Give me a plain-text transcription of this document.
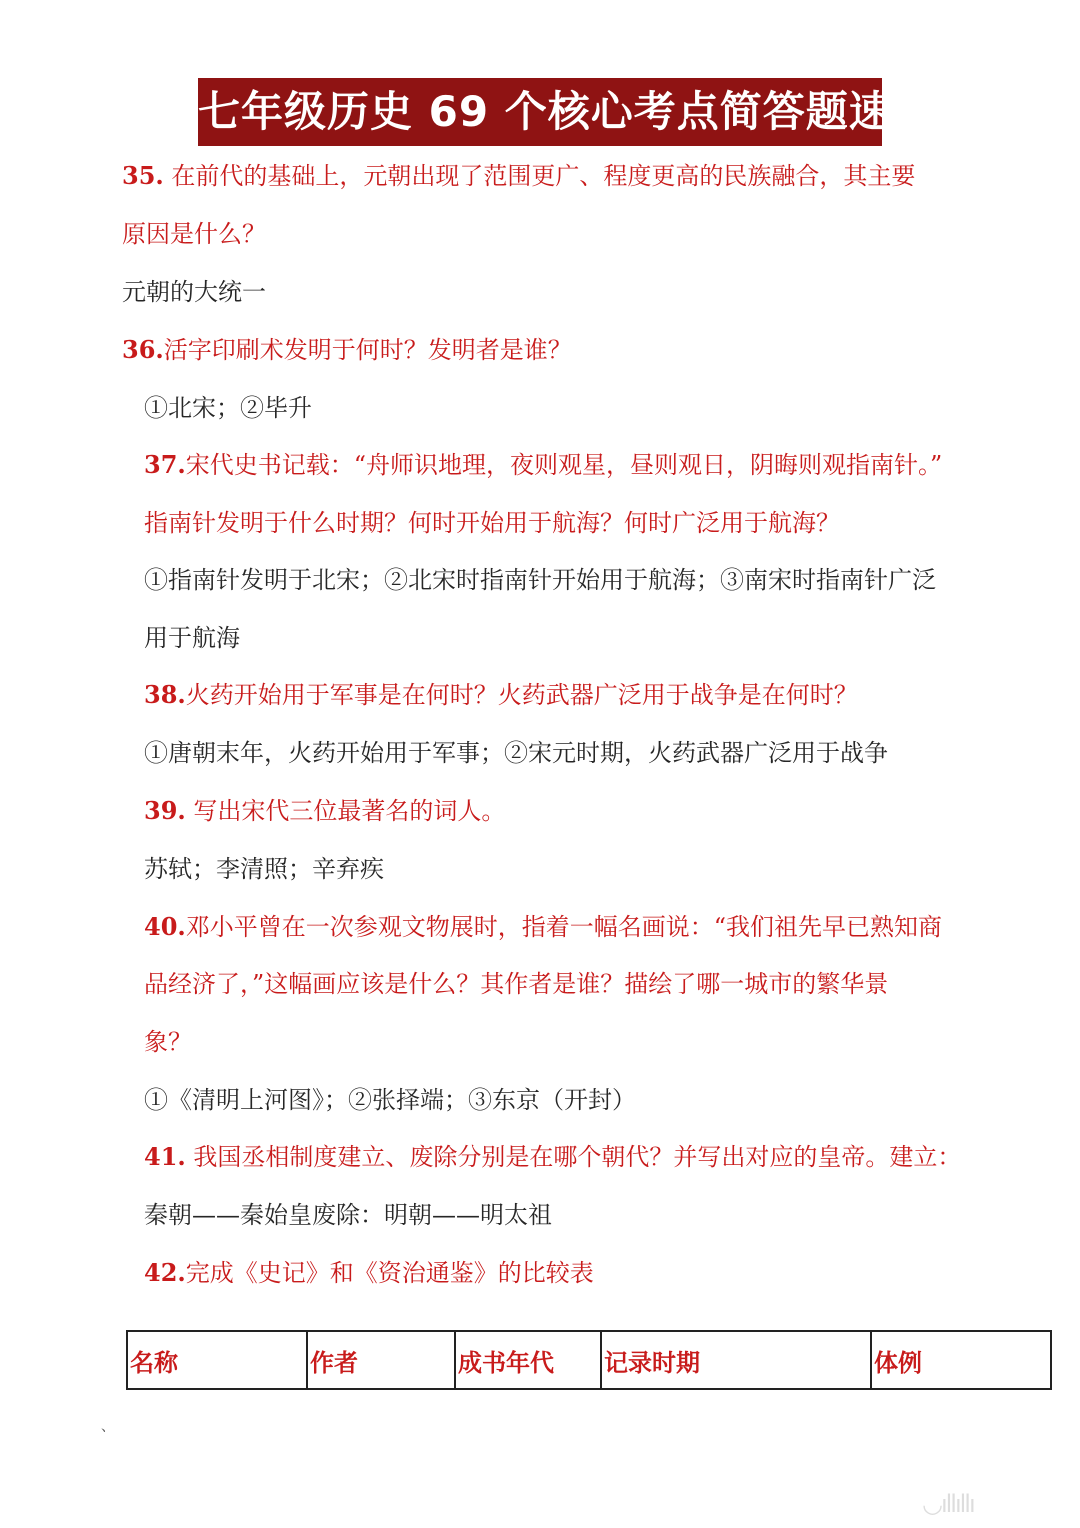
七年级历史 69 个核心考点简答题速记
35. 在前代的基础上，元朝出现了范围更广、程度更高的民族融合，其主要
原因是什么？
元朝的大统一
36.活字印刷术发明于何时？发明者是谁？
①北宋；②毕升
37.宋代史书记载：“舟师识地理，夜则观星，昼则观日，阴晦则观指南针。”
指南针发明于什么时期？何时开始用于航海？何时广泛用于航海？
①指南针发明于北宋；②北宋时指南针开始用于航海；③南宋时指南针广泛
用于航海
38.火药开始用于军事是在何时？火药武器广泛用于战争是在何时？
①唐朝末年，火药开始用于军事；②宋元时期，火药武器广泛用于战争
39. 写出宋代三位最著名的词人。
苏轼；李清照；辛弃疾
40.邓小平曾在一次参观文物展时，指着一幅名画说：“我们祖先早已熟知商
品经济了，”这幅画应该是什么？其作者是谁？描绘了哪一城市的繁华景
象？
①《清明上河图》；②张择端；③东京（开封）
41. 我国丞相制度建立、废除分别是在哪个朝代？并写出对应的皇帝。建立：
秦朝——秦始皇废除：明朝——明太祖
42.完成《史记》和《资治通鉴》的比较表
名称	作者	成书年代	记录时期	体例
、
◡ıllıllı
